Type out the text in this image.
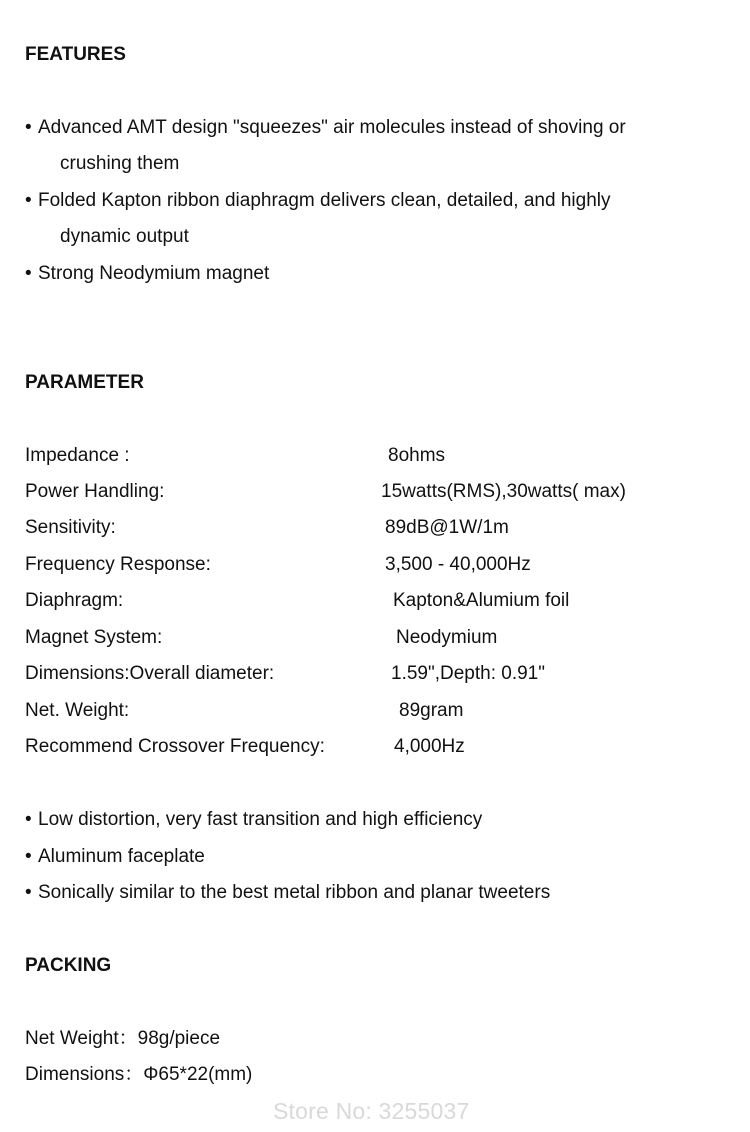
FEATURES
• Advanced AMT design "squeezes" air molecules instead of shoving or
crushing them
• Folded Kapton ribbon diaphragm delivers clean, detailed, and highly
dynamic output
• Strong Neodymium magnet
PARAMETER
Impedance :	8ohms
Power Handling:	15watts(RMS),30watts( max)
Sensitivity:	89dB@1W/1m
Frequency Response:	3,500 - 40,000Hz
Diaphragm:	Kapton&Alumium foil
Magnet System:	Neodymium
Dimensions:Overall diameter:	1.59",Depth: 0.91"
Net. Weight:	89gram
Recommend Crossover Frequency:	4,000Hz
• Low distortion, very fast transition and high efficiency
• Aluminum faceplate
• Sonically similar to the best metal ribbon and planar tweeters
PACKING
Net Weight：98g/piece
Dimensions：Φ65*22(mm)
Store No: 3255037
